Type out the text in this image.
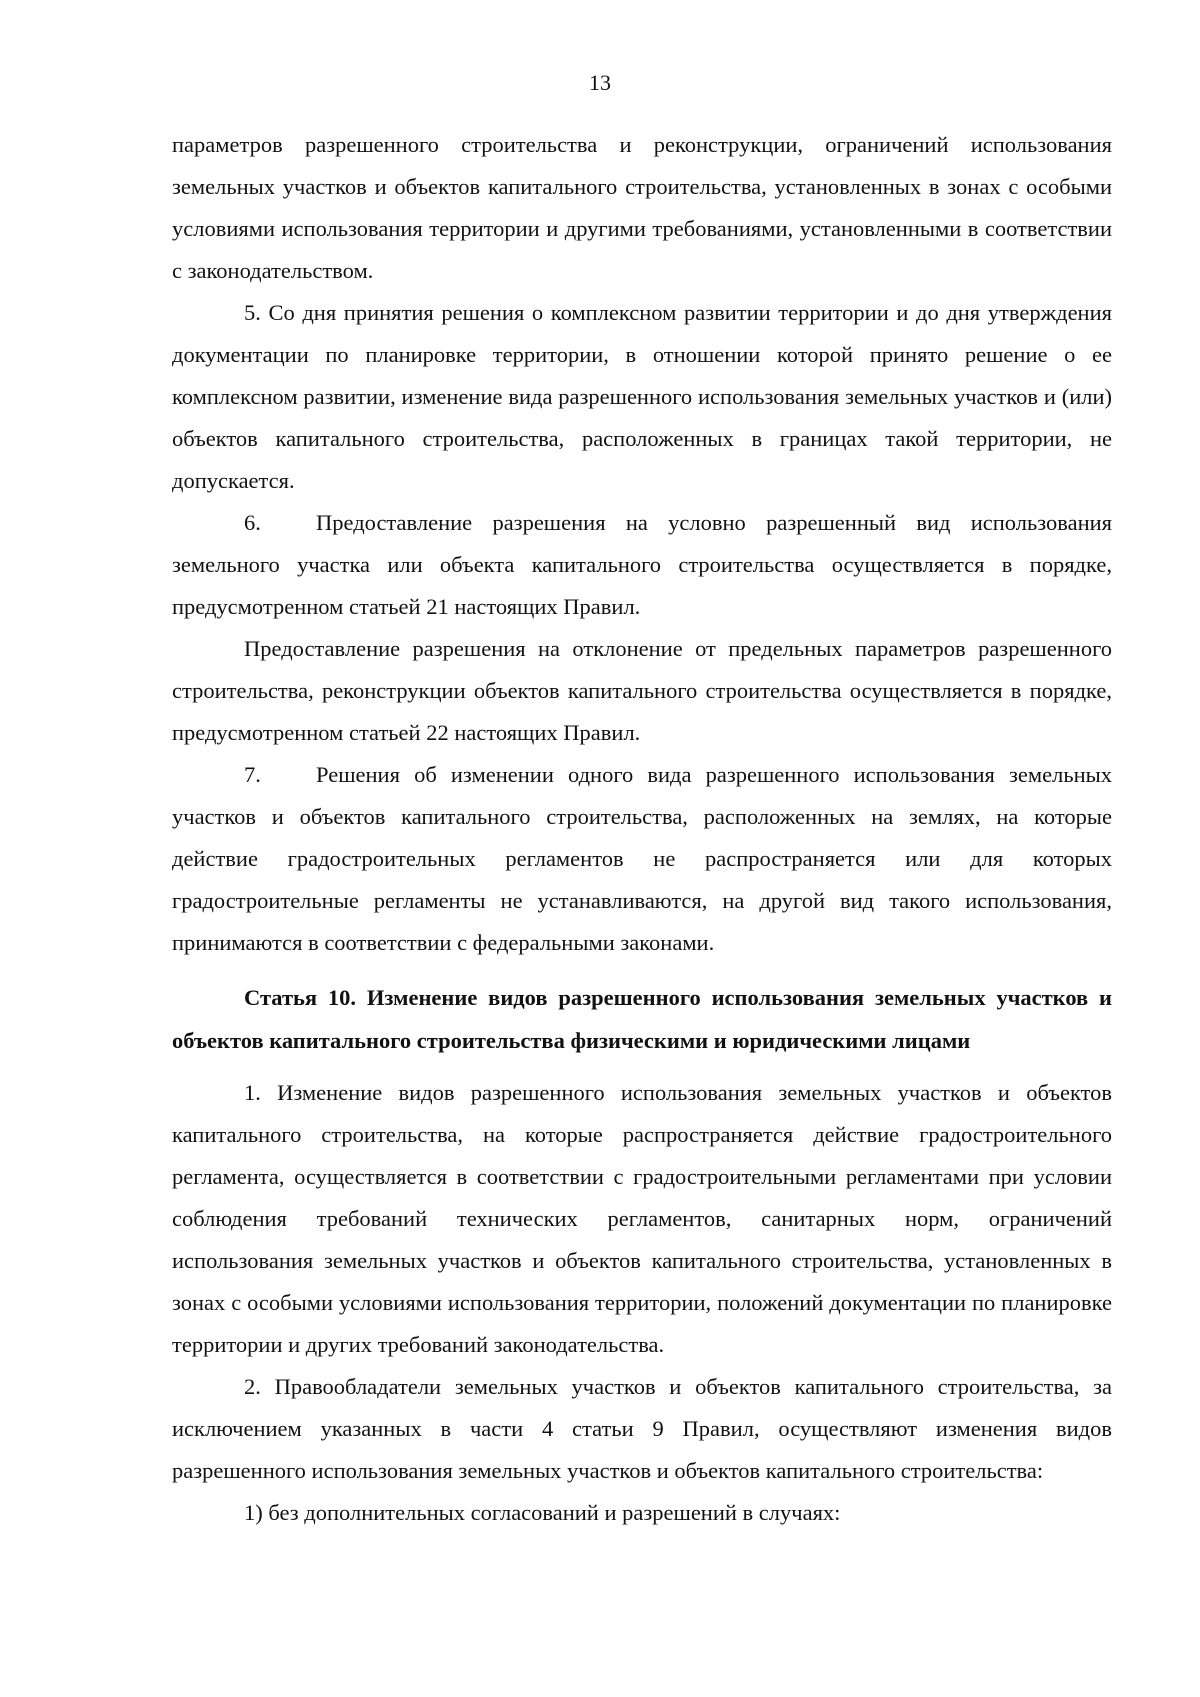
13

параметров разрешенного строительства и реконструкции, ограничений использования земельных участков и объектов капитального строительства, установленных в зонах с особыми условиями использования территории и другими требованиями, установленными в соответствии с законодательством.

5. Со дня принятия решения о комплексном развитии территории и до дня утверждения документации по планировке территории, в отношении которой принято решение о ее комплексном развитии, изменение вида разрешенного использования земельных участков и (или) объектов капитального строительства, расположенных в границах такой территории, не допускается.

6. Предоставление разрешения на условно разрешенный вид использования земельного участка или объекта капитального строительства осуществляется в порядке, предусмотренном статьей 21 настоящих Правил.

Предоставление разрешения на отклонение от предельных параметров разрешенного строительства, реконструкции объектов капитального строительства осуществляется в порядке, предусмотренном статьей 22 настоящих Правил.

7. Решения об изменении одного вида разрешенного использования земельных участков и объектов капитального строительства, расположенных на землях, на которые действие градостроительных регламентов не распространяется или для которых градостроительные регламенты не устанавливаются, на другой вид такого использования, принимаются в соответствии с федеральными законами.

Статья 10. Изменение видов разрешенного использования земельных участков и объектов капитального строительства физическими и юридическими лицами

1. Изменение видов разрешенного использования земельных участков и объектов капитального строительства, на которые распространяется действие градостроительного регламента, осуществляется в соответствии с градостроительными регламентами при условии соблюдения требований технических регламентов, санитарных норм, ограничений использования земельных участков и объектов капитального строительства, установленных в зонах с особыми условиями использования территории, положений документации по планировке территории и других требований законодательства.

2. Правообладатели земельных участков и объектов капитального строительства, за исключением указанных в части 4 статьи 9 Правил, осуществляют изменения видов разрешенного использования земельных участков и объектов капитального строительства:

1) без дополнительных согласований и разрешений в случаях:
